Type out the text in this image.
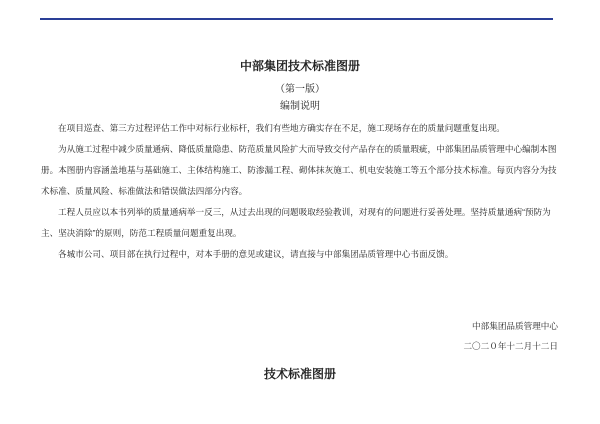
中部集团技术标准图册
（第一版）
编制说明

在项目巡查、第三方过程评估工作中对标行业标杆，我们有些地方确实存在不足，施工现场存在的质量问题重复出现。

为从施工过程中减少质量通病、降低质量隐患、防范质量风险扩大而导致交付产品存在的质量瑕疵，中部集团品质管理中心编制本图册。本图册内容涵盖地基与基础施工、主体结构施工、防渗漏工程、砌体抹灰施工、机电安装施工等五个部分技术标准。每页内容分为技术标准、质量风险、标准做法和错误做法四部分内容。

工程人员应以本书列举的质量通病举一反三，从过去出现的问题吸取经验教训，对现有的问题进行妥善处理。坚持质量通病“预防为主、坚决消除”的原则，防范工程质量问题重复出现。

各城市公司、项目部在执行过程中，对本手册的意见或建议，请直接与中部集团品质管理中心书面反馈。

中部集团品质管理中心
二〇二０年十二月十二日
技术标准图册
